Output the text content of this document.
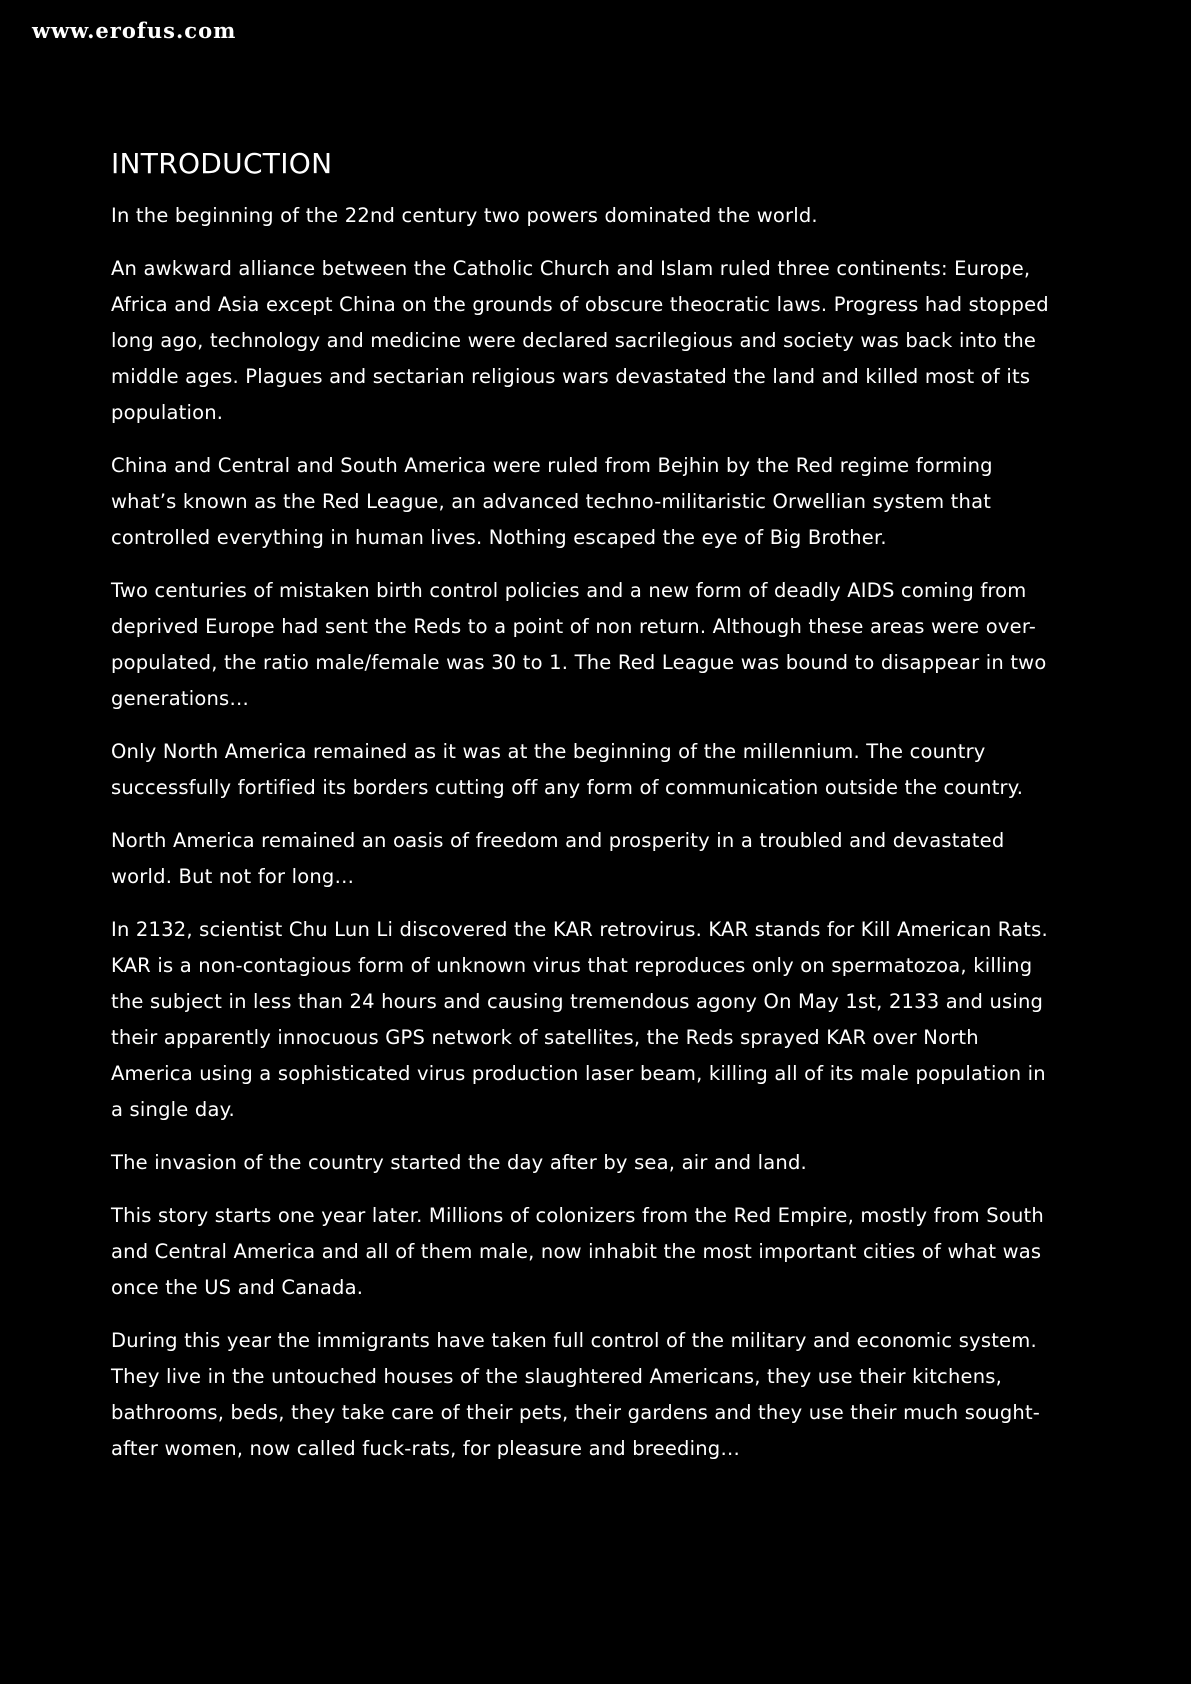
www.erofus.com
INTRODUCTION

In the beginning of the 22nd century two powers dominated the world.

An awkward alliance between the Catholic Church and Islam ruled three continents: Europe, Africa and Asia except China on the grounds of obscure theocratic laws. Progress had stopped long ago, technology and medicine were declared sacrilegious and society was back into the middle ages. Plagues and sectarian religious wars devastated the land and killed most of its population.

China and Central and South America were ruled from Bejhin by the Red regime forming what’s known as the Red League, an advanced techno-militaristic Orwellian system that controlled everything in human lives. Nothing escaped the eye of Big Brother.

Two centuries of mistaken birth control policies and a new form of deadly AIDS coming from deprived Europe had sent the Reds to a point of non return. Although these areas were over-populated, the ratio male/female was 30 to 1. The Red League was bound to disappear in two generations…

Only North America remained as it was at the beginning of the millennium. The country successfully fortified its borders cutting off any form of communication outside the country.

North America remained an oasis of freedom and prosperity in a troubled and devastated world. But not for long…

In 2132, scientist Chu Lun Li discovered the KAR retrovirus. KAR stands for Kill American Rats. KAR is a non-contagious form of unknown virus that reproduces only on spermatozoa, killing the subject in less than 24 hours and causing tremendous agony On May 1st, 2133 and using their apparently innocuous GPS network of satellites, the Reds sprayed KAR over North America using a sophisticated virus production laser beam, killing all of its male population in a single day.

The invasion of the country started the day after by sea, air and land.

This story starts one year later. Millions of colonizers from the Red Empire, mostly from South and Central America and all of them male, now inhabit the most important cities of what was once the US and Canada.

During this year the immigrants have taken full control of the military and economic system. They live in the untouched houses of the slaughtered Americans, they use their kitchens, bathrooms, beds, they take care of their pets, their gardens and they use their much sought-after women, now called fuck-rats, for pleasure and breeding…
